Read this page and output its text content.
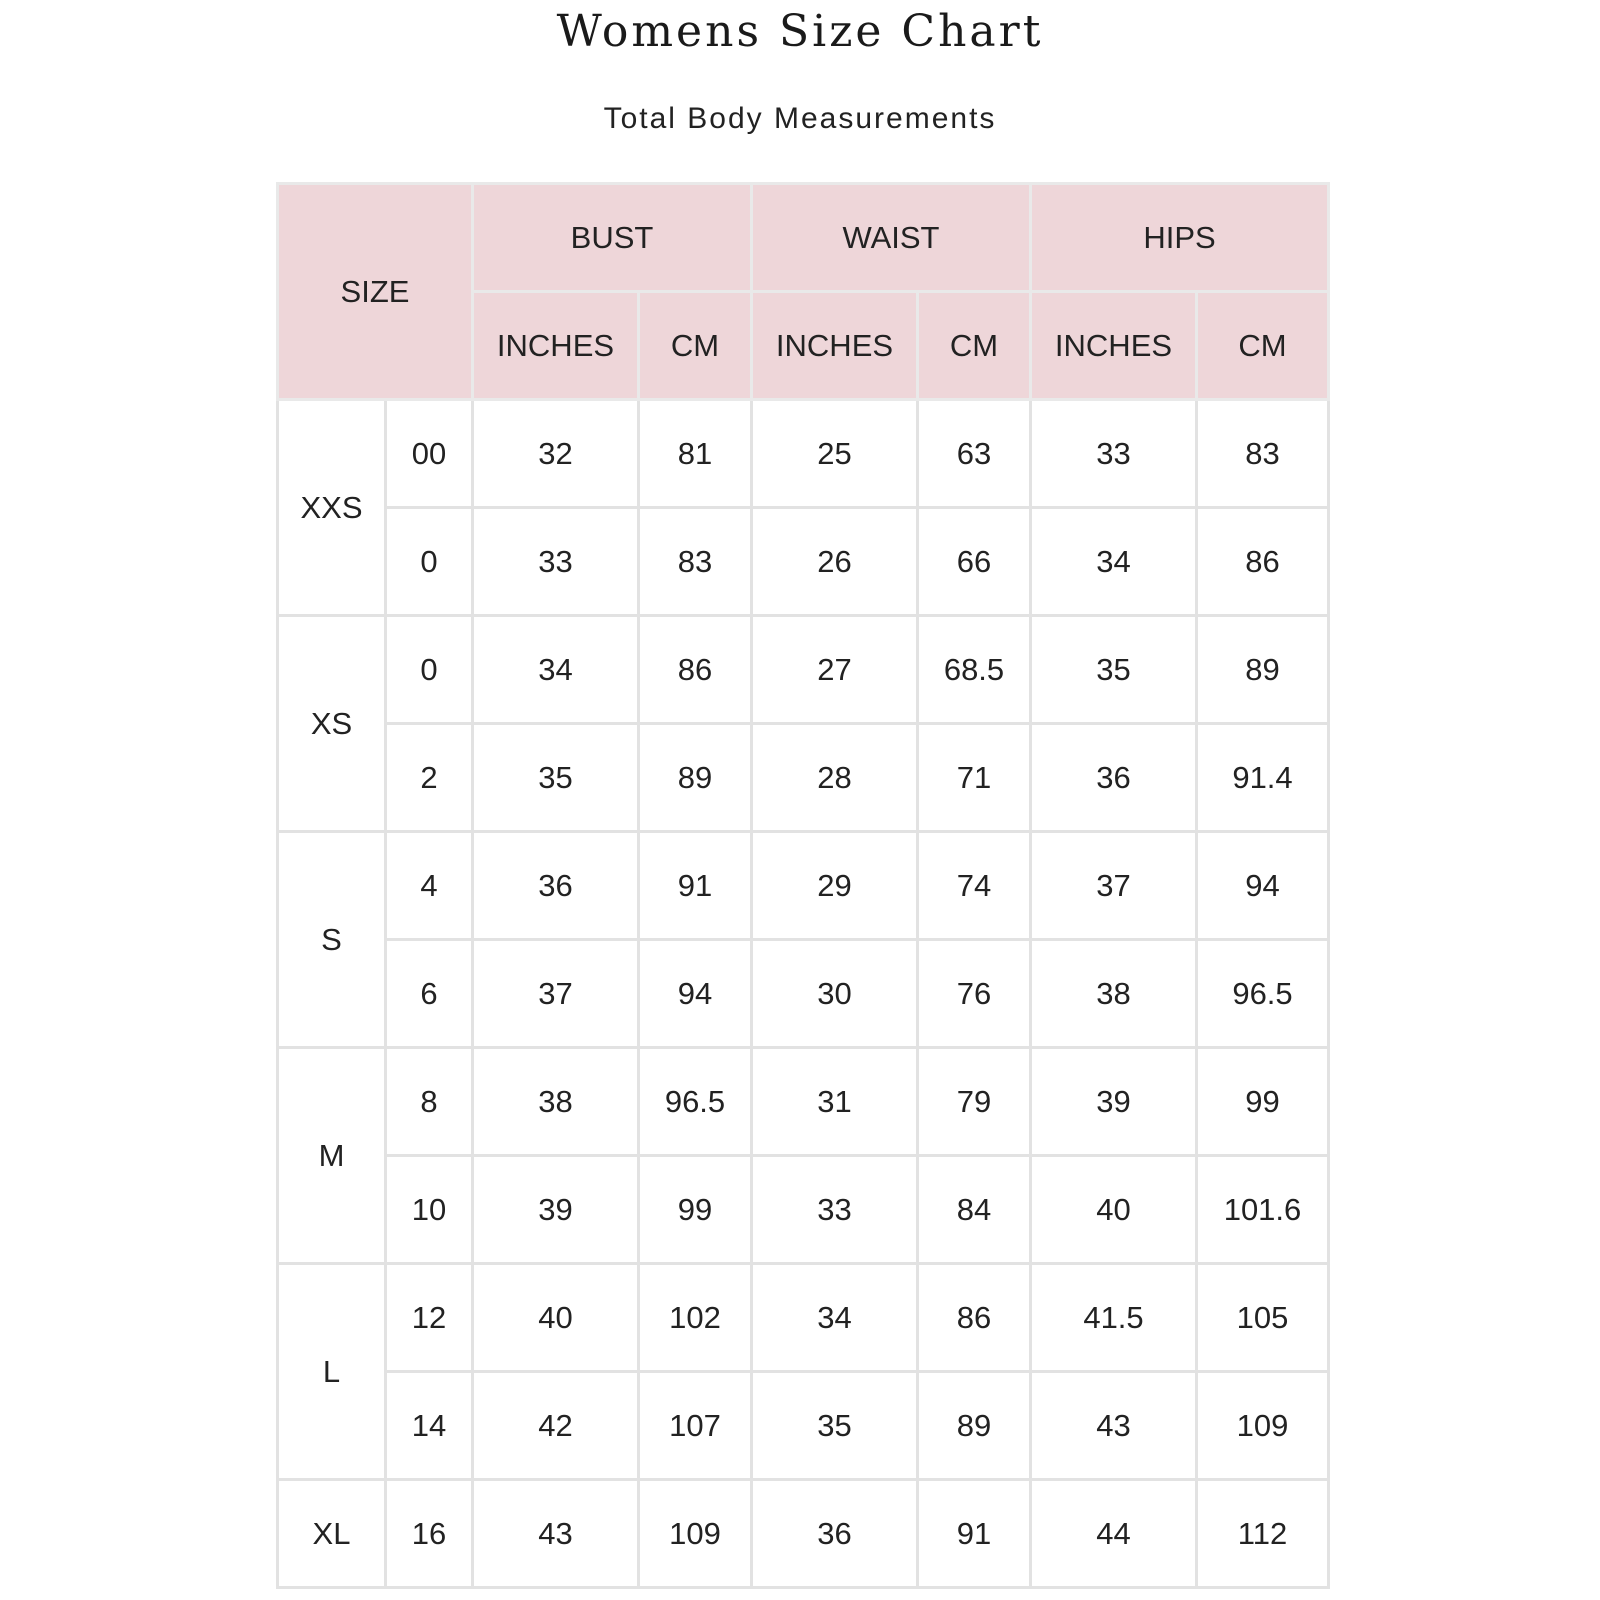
Womens Size Chart
Total Body Measurements
SIZE		BUST		WAIST		HIPS	
		INCHES	CM	INCHES	CM	INCHES	CM
XXS	00	32	81	25	63	33	83
	0	33	83	26	66	34	86
XS	0	34	86	27	68.5	35	89
	2	35	89	28	71	36	91.4
S	4	36	91	29	74	37	94
	6	37	94	30	76	38	96.5
M	8	38	96.5	31	79	39	99
	10	39	99	33	84	40	101.6
L	12	40	102	34	86	41.5	105
	14	42	107	35	89	43	109
XL	16	43	109	36	91	44	112
